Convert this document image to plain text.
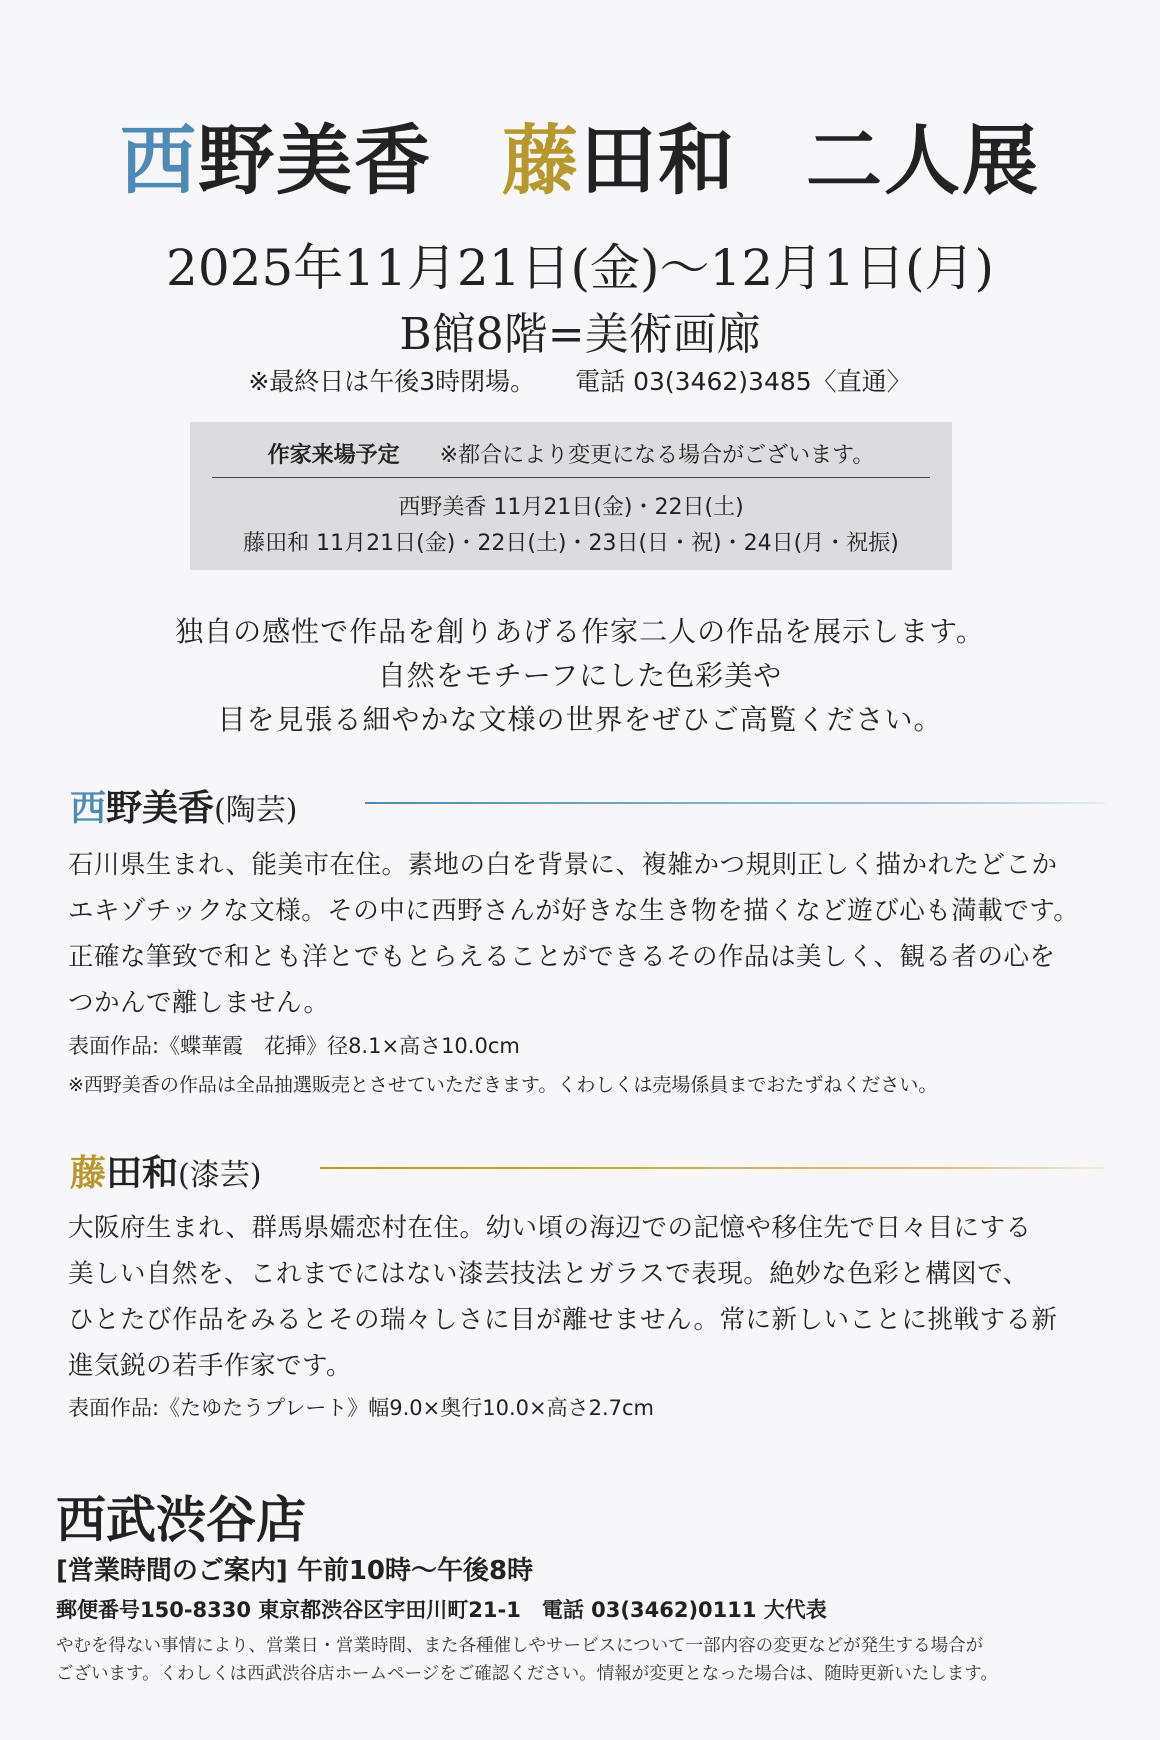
西野美香 藤田和 二人展
2025年11月21日(金)〜12月1日(月)
B館8階=美術画廊
※最終日は午後3時閉場。 電話 03(3462)3485〈直通〉
作家来場予定 ※都合により変更になる場合がございます。
西野美香 11月21日(金)・22日(土)
藤田和 11月21日(金)・22日(土)・23日(日・祝)・24日(月・祝振)
独自の感性で作品を創りあげる作家二人の作品を展示します。
自然をモチーフにした色彩美や
目を見張る細やかな文様の世界をぜひご高覧ください。
西野美香(陶芸)
石川県生まれ、能美市在住。素地の白を背景に、複雑かつ規則正しく描かれたどこか
エキゾチックな文様。その中に西野さんが好きな生き物を描くなど遊び心も満載です。
正確な筆致で和とも洋とでもとらえることができるその作品は美しく、観る者の心を
つかんで離しません。
表面作品:《蝶華霞　花挿》径8.1×高さ10.0cm
※西野美香の作品は全品抽選販売とさせていただきます。くわしくは売場係員までおたずねください。
藤田和(漆芸)
大阪府生まれ、群馬県嬬恋村在住。幼い頃の海辺での記憶や移住先で日々目にする
美しい自然を、これまでにはない漆芸技法とガラスで表現。絶妙な色彩と構図で、
ひとたび作品をみるとその瑞々しさに目が離せません。常に新しいことに挑戦する新
進気鋭の若手作家です。
表面作品:《たゆたうプレート》幅9.0×奥行10.0×高さ2.7cm
西武渋谷店
[営業時間のご案内] 午前10時〜午後8時
郵便番号150-8330 東京都渋谷区宇田川町21-1　電話 03(3462)0111 大代表
やむを得ない事情により、営業日・営業時間、また各種催しやサービスについて一部内容の変更などが発生する場合が
ございます。くわしくは西武渋谷店ホームページをご確認ください。情報が変更となった場合は、随時更新いたします。
